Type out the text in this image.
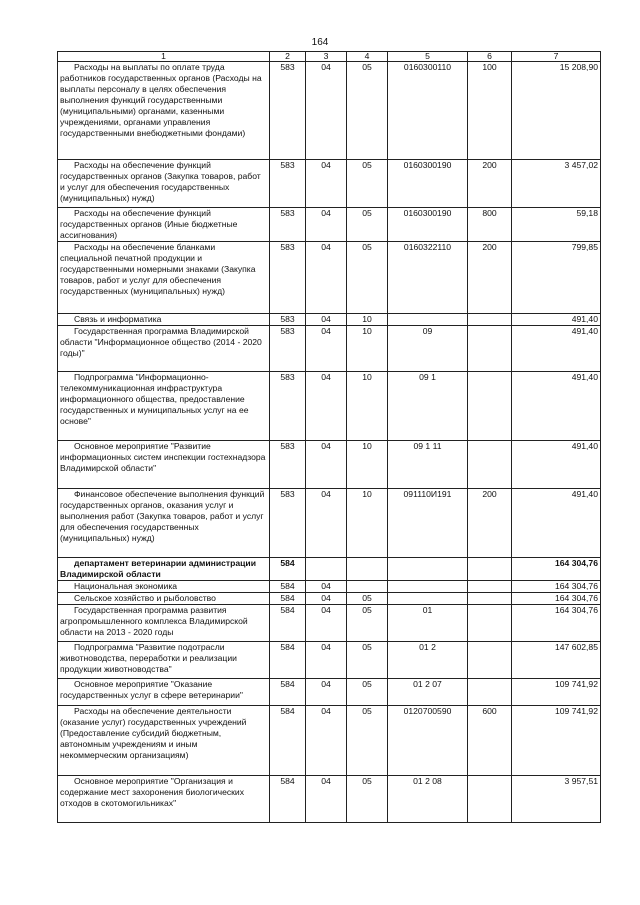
164
1	2	3	4	5	6	7
Расходы на выплаты по оплате труда работников государственных органов (Расходы на выплаты персоналу в целях обеспечения выполнения функций государственными (муниципальными) органами, казенными учреждениями, органами управления государственными внебюджетными фондами)	583	04	05	0160300110	100	15 208,90
Расходы на обеспечение функций государственных органов (Закупка товаров, работ и услуг для обеспечения государственных (муниципальных) нужд)	583	04	05	0160300190	200	3 457,02
Расходы на обеспечение функций государственных органов (Иные бюджетные ассигнования)	583	04	05	0160300190	800	59,18
Расходы на обеспечение бланками специальной печатной продукции и государственными номерными знаками (Закупка товаров, работ и услуг для обеспечения государственных (муниципальных) нужд)	583	04	05	0160322110	200	799,85
Связь и информатика	583	04	10			491,40
Государственная программа Владимирской области "Информационное общество (2014 - 2020 годы)"	583	04	10	09		491,40
Подпрограмма "Информационно-телекоммуникационная инфраструктура информационного общества, предоставление государственных и муниципальных услуг на ее основе"	583	04	10	09 1		491,40
Основное мероприятие "Развитие информационных систем инспекции гостехнадзора Владимирской области"	583	04	10	09 1 11		491,40
Финансовое обеспечение выполнения функций государственных органов, оказания услуг и выполнения работ (Закупка товаров, работ и услуг для обеспечения государственных (муниципальных) нужд)	583	04	10	091110И191	200	491,40
департамент ветеринарии администрации Владимирской области	584					164 304,76
Национальная экономика	584	04				164 304,76
Сельское хозяйство и рыболовство	584	04	05			164 304,76
Государственная программа развития агропромышленного комплекса Владимирской области на 2013 - 2020 годы	584	04	05	01		164 304,76
Подпрограмма "Развитие подотрасли животноводства, переработки и реализации продукции животноводства"	584	04	05	01 2		147 602,85
Основное мероприятие "Оказание государственных услуг в сфере ветеринарии"	584	04	05	01 2 07		109 741,92
Расходы на обеспечение деятельности (оказание услуг) государственных учреждений (Предоставление субсидий бюджетным, автономным учреждениям и иным некоммерческим организациям)	584	04	05	0120700590	600	109 741,92
Основное мероприятие "Организация и содержание мест захоронения биологических отходов в скотомогильниках"	584	04	05	01 2 08		3 957,51
